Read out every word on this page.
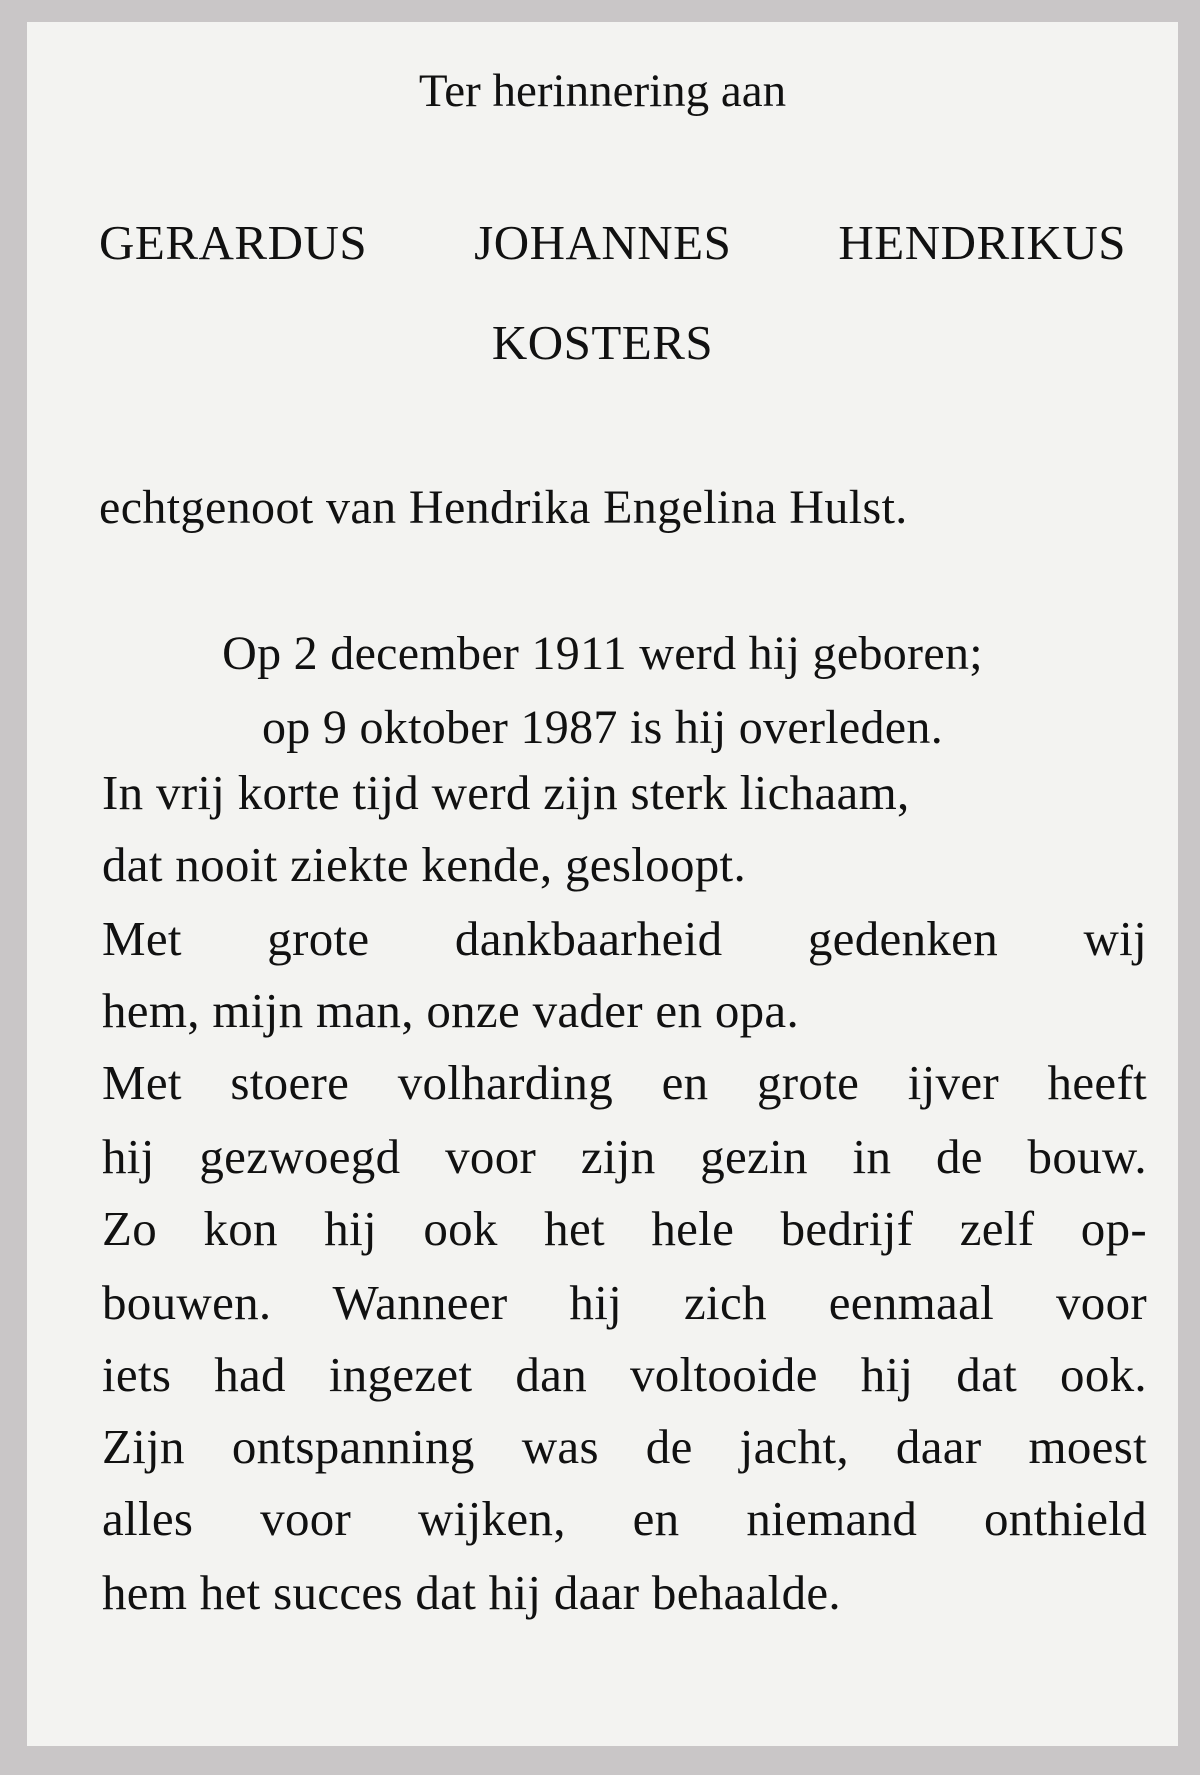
Ter herinnering aan

GERARDUS JOHANNES HENDRIKUS

KOSTERS

echtgenoot van Hendrika Engelina Hulst.

Op 2 december 1911 werd hij geboren;

op 9 oktober 1987 is hij overleden.

In vrij korte tijd werd zijn sterk lichaam,

dat nooit ziekte kende, gesloopt.

Met grote dankbaarheid gedenken wij

hem, mijn man, onze vader en opa.

Met stoere volharding en grote ijver heeft

hij gezwoegd voor zijn gezin in de bouw.

Zo kon hij ook het hele bedrijf zelf op-

bouwen. Wanneer hij zich eenmaal voor

iets had ingezet dan voltooide hij dat ook.

Zijn ontspanning was de jacht, daar moest

alles voor wijken, en niemand onthield

hem het succes dat hij daar behaalde.
